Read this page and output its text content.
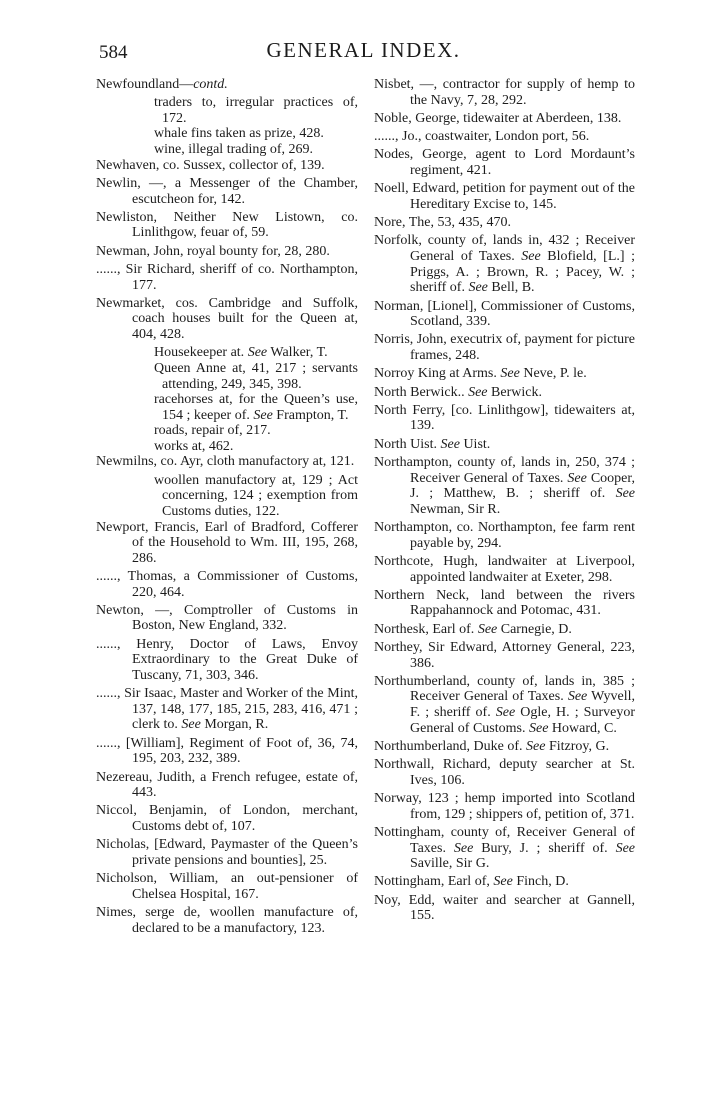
584	GENERAL INDEX.

Newfoundland—contd.

traders to, irregular practices of, 172.

whale fins taken as prize, 428.

wine, illegal trading of, 269.

Newhaven, co. Sussex, collector of, 139.

Newlin, —, a Messenger of the Chamber, escutcheon for, 142.

Newliston, Neither New Listown, co. Linlithgow, feuar of, 59.

Newman, John, royal bounty for, 28, 280.

......, Sir Richard, sheriff of co. Northampton, 177.

Newmarket, cos. Cambridge and Suffolk, coach houses built for the Queen at, 404, 428.

Housekeeper at. See Walker, T.

Queen Anne at, 41, 217 ; servants attending, 249, 345, 398.

racehorses at, for the Queen’s use, 154 ; keeper of. See Frampton, T.

roads, repair of, 217.

works at, 462.

Newmilns, co. Ayr, cloth manufactory at, 121.

woollen manufactory at, 129 ; Act concerning, 124 ; exemption from Customs duties, 122.

Newport, Francis, Earl of Bradford, Cofferer of the Household to Wm. III, 195, 268, 286.

......, Thomas, a Commissioner of Customs, 220, 464.

Newton, —, Comptroller of Customs in Boston, New England, 332.

......, Henry, Doctor of Laws, Envoy Extraordinary to the Great Duke of Tuscany, 71, 303, 346.

......, Sir Isaac, Master and Worker of the Mint, 137, 148, 177, 185, 215, 283, 416, 471 ; clerk to. See Morgan, R.

......, [William], Regiment of Foot of, 36, 74, 195, 203, 232, 389.

Nezereau, Judith, a French refugee, estate of, 443.

Niccol, Benjamin, of London, merchant, Customs debt of, 107.

Nicholas, [Edward, Paymaster of the Queen’s private pensions and bounties], 25.

Nicholson, William, an out-pensioner of Chelsea Hospital, 167.

Nimes, serge de, woollen manufacture of, declared to be a manufactory, 123.

Nisbet, —, contractor for supply of hemp to the Navy, 7, 28, 292.

Noble, George, tidewaiter at Aberdeen, 138.

......, Jo., coastwaiter, London port, 56.

Nodes, George, agent to Lord Mordaunt’s regiment, 421.

Noell, Edward, petition for payment out of the Hereditary Excise to, 145.

Nore, The, 53, 435, 470.

Norfolk, county of, lands in, 432 ; Receiver General of Taxes. See Blofield, [L.] ; Priggs, A. ; Brown, R. ; Pacey, W. ; sheriff of. See Bell, B.

Norman, [Lionel], Commissioner of Customs, Scotland, 339.

Norris, John, executrix of, payment for picture frames, 248.

Norroy King at Arms. See Neve, P. le.

North Berwick.. See Berwick.

North Ferry, [co. Linlithgow], tidewaiters at, 139.

North Uist. See Uist.

Northampton, county of, lands in, 250, 374 ; Receiver General of Taxes. See Cooper, J. ; Matthew, B. ; sheriff of. See Newman, Sir R.

Northampton, co. Northampton, fee farm rent payable by, 294.

Northcote, Hugh, landwaiter at Liverpool, appointed landwaiter at Exeter, 298.

Northern Neck, land between the rivers Rappahannock and Potomac, 431.

Northesk, Earl of. See Carnegie, D.

Northey, Sir Edward, Attorney General, 223, 386.

Northumberland, county of, lands in, 385 ; Receiver General of Taxes. See Wyvell, F. ; sheriff of. See Ogle, H. ; Surveyor General of Customs. See Howard, C.

Northumberland, Duke of. See Fitzroy, G.

Northwall, Richard, deputy searcher at St. Ives, 106.

Norway, 123 ; hemp imported into Scotland from, 129 ; shippers of, petition of, 371.

Nottingham, county of, Receiver General of Taxes. See Bury, J. ; sheriff of. See Saville, Sir G.

Nottingham, Earl of, See Finch, D.

Noy, Edd, waiter and searcher at Gannell, 155.
